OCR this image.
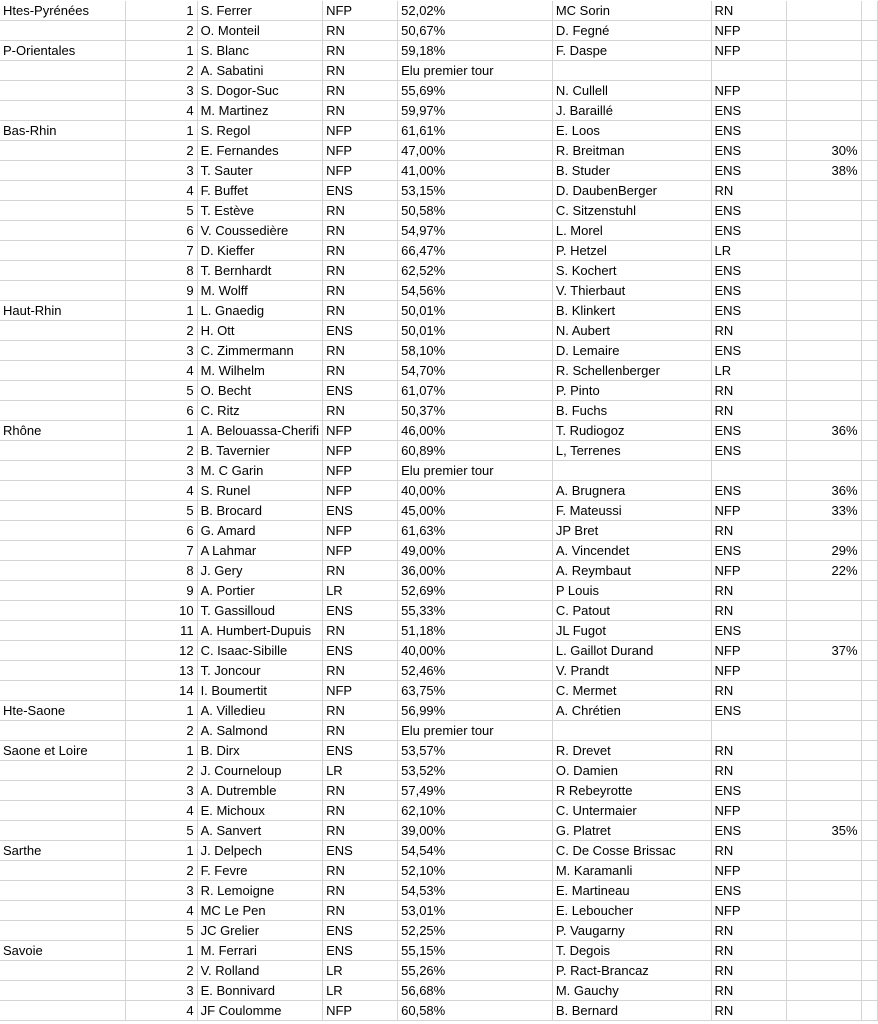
Htes-Pyrénées	1	S. Ferrer	NFP	52,02%	MC Sorin	RN		
	2	O. Monteil	RN	50,67%	D. Fegné	NFP		
P-Orientales	1	S. Blanc	RN	59,18%	F. Daspe	NFP		
	2	A. Sabatini	RN	Elu premier tour				
	3	S. Dogor-Suc	RN	55,69%	N. Cullell	NFP		
	4	M. Martinez	RN	59,97%	J. Baraillé	ENS		
Bas-Rhin	1	S. Regol	NFP	61,61%	E. Loos	ENS		
	2	E. Fernandes	NFP	47,00%	R. Breitman	ENS	30%	
	3	T. Sauter	NFP	41,00%	B. Studer	ENS	38%	
	4	F. Buffet	ENS	53,15%	D. DaubenBerger	RN		
	5	T. Estève	RN	50,58%	C. Sitzenstuhl	ENS		
	6	V. Coussedière	RN	54,97%	L. Morel	ENS		
	7	D. Kieffer	RN	66,47%	P. Hetzel	LR		
	8	T. Bernhardt	RN	62,52%	S. Kochert	ENS		
	9	M. Wolff	RN	54,56%	V. Thierbaut	ENS		
Haut-Rhin	1	L. Gnaedig	RN	50,01%	B. Klinkert	ENS		
	2	H. Ott	ENS	50,01%	N. Aubert	RN		
	3	C. Zimmermann	RN	58,10%	D. Lemaire	ENS		
	4	M. Wilhelm	RN	54,70%	R. Schellenberger	LR		
	5	O. Becht	ENS	61,07%	P. Pinto	RN		
	6	C. Ritz	RN	50,37%	B. Fuchs	RN		
Rhône	1	A. Belouassa-Cherifi	NFP	46,00%	T. Rudiogoz	ENS	36%	
	2	B. Tavernier	NFP	60,89%	L, Terrenes	ENS		
	3	M. C Garin	NFP	Elu premier tour				
	4	S. Runel	NFP	40,00%	A. Brugnera	ENS	36%	
	5	B. Brocard	ENS	45,00%	F. Mateussi	NFP	33%	
	6	G. Amard	NFP	61,63%	JP Bret	RN		
	7	A Lahmar	NFP	49,00%	A. Vincendet	ENS	29%	
	8	J. Gery	RN	36,00%	A. Reymbaut	NFP	22%	
	9	A. Portier	LR	52,69%	P Louis	RN		
	10	T. Gassilloud	ENS	55,33%	C. Patout	RN		
	11	A. Humbert-Dupuis	RN	51,18%	JL Fugot	ENS		
	12	C. Isaac-Sibille	ENS	40,00%	L. Gaillot Durand	NFP	37%	
	13	T. Joncour	RN	52,46%	V. Prandt	NFP		
	14	I. Boumertit	NFP	63,75%	C. Mermet	RN		
Hte-Saone	1	A. Villedieu	RN	56,99%	A. Chrétien	ENS		
	2	A. Salmond	RN	Elu premier tour				
Saone et Loire	1	B. Dirx	ENS	53,57%	R. Drevet	RN		
	2	J. Courneloup	LR	53,52%	O. Damien	RN		
	3	A. Dutremble	RN	57,49%	R Rebeyrotte	ENS		
	4	E. Michoux	RN	62,10%	C. Untermaier	NFP		
	5	A. Sanvert	RN	39,00%	G. Platret	ENS	35%	
Sarthe	1	J. Delpech	ENS	54,54%	C. De Cosse Brissac	RN		
	2	F. Fevre	RN	52,10%	M. Karamanli	NFP		
	3	R. Lemoigne	RN	54,53%	E. Martineau	ENS		
	4	MC Le Pen	RN	53,01%	E. Leboucher	NFP		
	5	JC Grelier	ENS	52,25%	P. Vaugarny	RN		
Savoie	1	M. Ferrari	ENS	55,15%	T. Degois	RN		
	2	V. Rolland	LR	55,26%	P. Ract-Brancaz	RN		
	3	E. Bonnivard	LR	56,68%	M. Gauchy	RN		
	4	JF Coulomme	NFP	60,58%	B. Bernard	RN		
